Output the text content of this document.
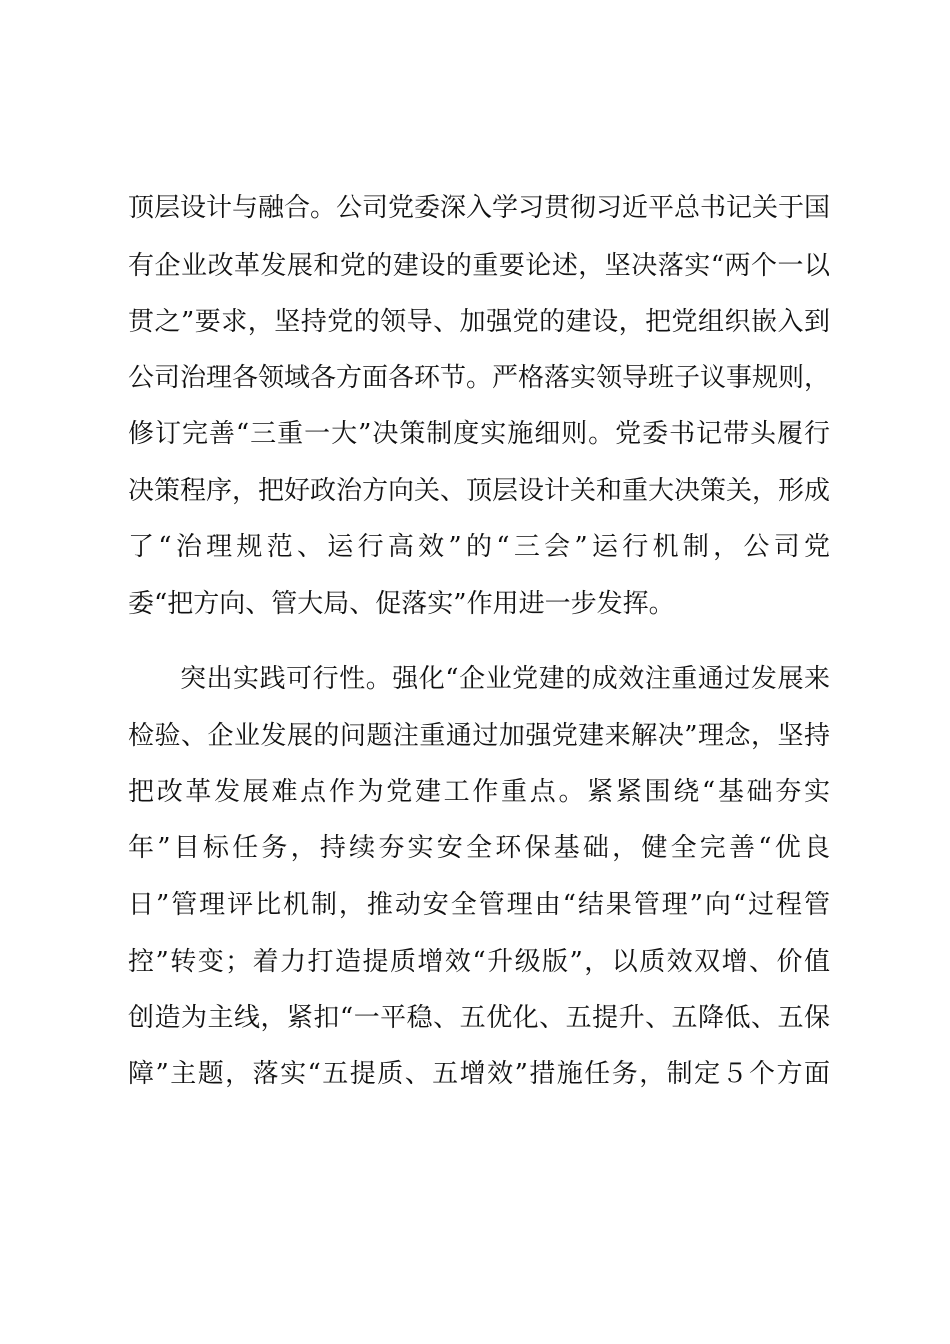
顶层设计与融合。公司党委深入学习贯彻习近平总书记关于国
有企业改革发展和党的建设的重要论述，坚决落实“两个一以
贯之”要求，坚持党的领导、加强党的建设，把党组织嵌入到
公司治理各领域各方面各环节。严格落实领导班子议事规则，
修订完善“三重一大”决策制度实施细则。党委书记带头履行
决策程序，把好政治方向关、顶层设计关和重大决策关，形成
了“治理规范、运行高效”的“三会”运行机制，公司党
委“把方向、管大局、促落实”作用进一步发挥。
突出实践可行性。强化“企业党建的成效注重通过发展来
检验、企业发展的问题注重通过加强党建来解决”理念，坚持
把改革发展难点作为党建工作重点。紧紧围绕“基础夯实
年”目标任务，持续夯实安全环保基础，健全完善“优良
日”管理评比机制，推动安全管理由“结果管理”向“过程管
控”转变；着力打造提质增效“升级版”，以质效双增、价值
创造为主线，紧扣“一平稳、五优化、五提升、五降低、五保
障”主题，落实“五提质、五增效”措施任务，制定５个方面
